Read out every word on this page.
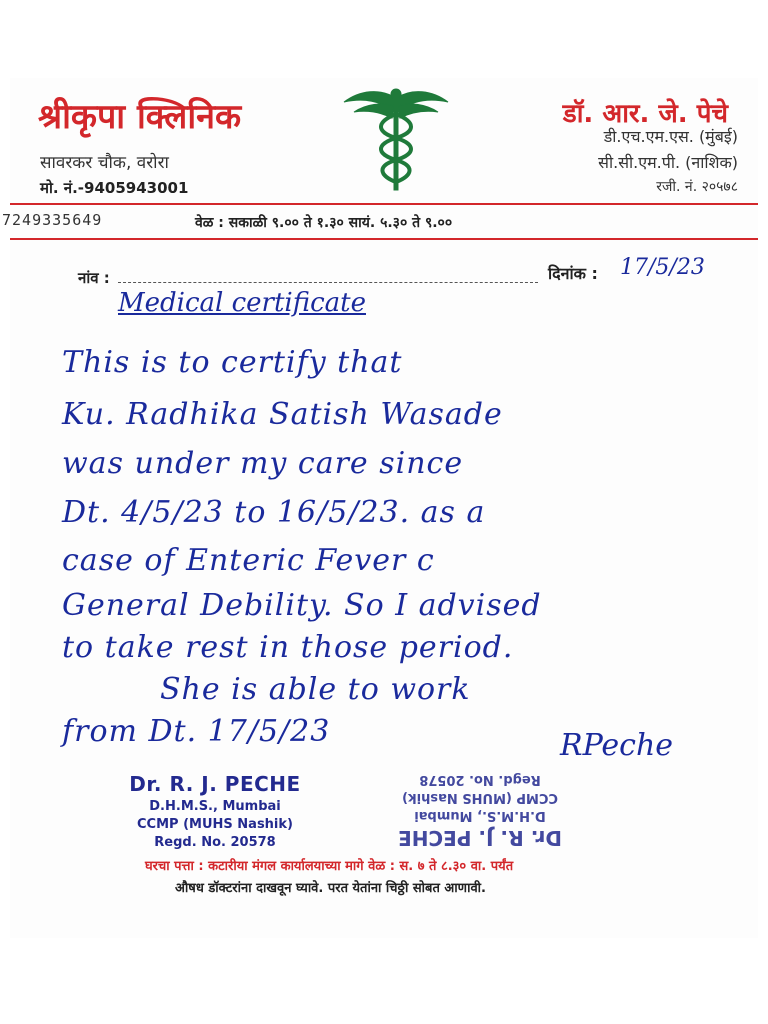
श्रीकृपा क्लिनिक
सावरकर चौक, वरोरा
मो. नं.-9405943001
डॉ. आर. जे. पेचे
डी.एच.एम.एस. (मुंबई)
सी.सी.एम.पी. (नाशिक)
रजी. नं. २०५७८
7249335649	वेळ : सकाळी ९.०० ते १.३० सायं. ५.३० ते ९.००
नांव :	दिनांक : 17/5/23
Medical certificate
This is to certify that
Ku. Radhika Satish Wasade
was under my care since
Dt. 4/5/23 to 16/5/23. as a
case of Enteric Fever c
General Debility. So I advised
to take rest in those period.
She is able to work
from Dt. 17/5/23	RPeche
Dr. R. J. PECHE
D.H.M.S., Mumbai
CCMP (MUHS Nashik)
Regd. No. 20578	Dr. R. J. PECHE
D.H.M.S., Mumbai
CCMP (MUHS Nashik)
Regd. No. 20578
घरचा पत्ता : कटारीया मंगल कार्यालयाच्या मागे वेळ : स. ७ ते ८.३० वा. पर्यंत
औषध डॉक्टरांना दाखवून घ्यावे. परत येतांना चिठ्ठी सोबत आणावी.
